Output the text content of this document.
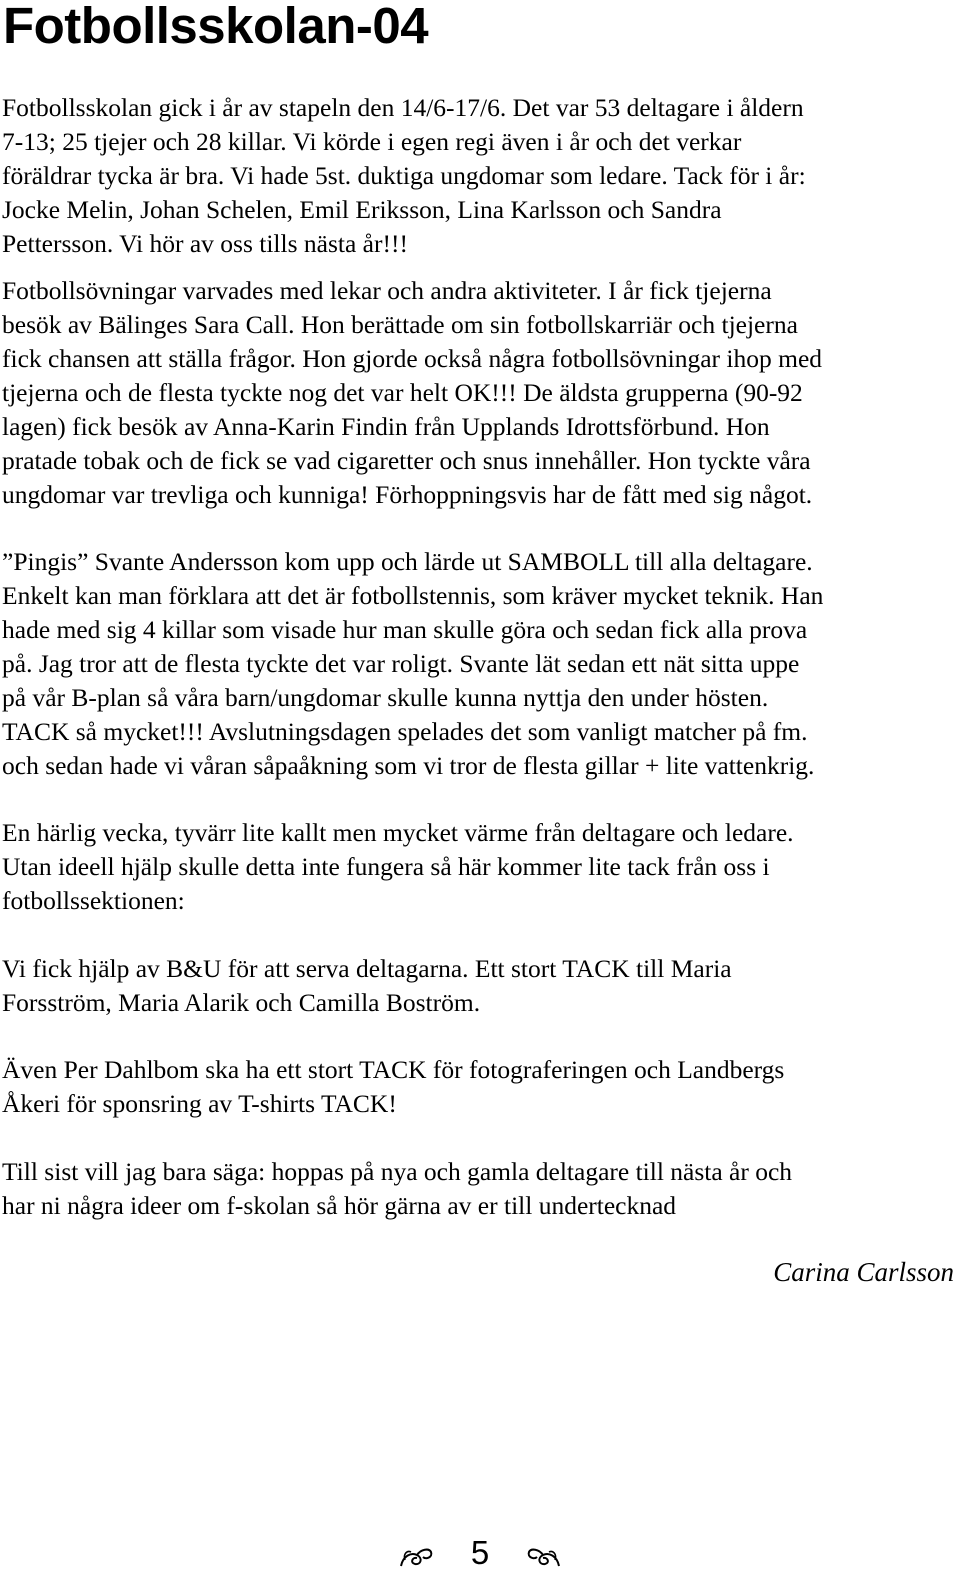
Fotbollsskolan-04
Fotbollsskolan gick i år av stapeln den 14/6-17/6. Det var 53 deltagare i åldern
7-13; 25 tjejer och 28 killar. Vi körde i egen regi även i år och det verkar
föräldrar tycka är bra. Vi hade 5st. duktiga ungdomar som ledare. Tack för i år:
Jocke Melin, Johan Schelen, Emil Eriksson, Lina Karlsson och Sandra
Pettersson. Vi hör av oss tills nästa år!!!
Fotbollsövningar varvades med lekar och andra aktiviteter. I år fick tjejerna
besök av Bälinges Sara Call. Hon berättade om sin fotbollskarriär och tjejerna
fick chansen att ställa frågor. Hon gjorde också några fotbollsövningar ihop med
tjejerna och de flesta tyckte nog det var helt OK!!! De äldsta grupperna (90-92
lagen) fick besök av Anna-Karin Findin från Upplands Idrottsförbund. Hon
pratade tobak och de fick se vad cigaretter och snus innehåller. Hon tyckte våra
ungdomar var trevliga och kunniga! Förhoppningsvis har de fått med sig något.
”Pingis” Svante Andersson kom upp och lärde ut SAMBOLL till alla deltagare.
Enkelt kan man förklara att det är fotbollstennis, som kräver mycket teknik. Han
hade med sig 4 killar som visade hur man skulle göra och sedan fick alla prova
på. Jag tror att de flesta tyckte det var roligt. Svante lät sedan ett nät sitta uppe
på vår B-plan så våra barn/ungdomar skulle kunna nyttja den under hösten.
TACK så mycket!!! Avslutningsdagen spelades det som vanligt matcher på fm.
och sedan hade vi våran såpaåkning som vi tror de flesta gillar + lite vattenkrig.
En härlig vecka, tyvärr lite kallt men mycket värme från deltagare och ledare.
Utan ideell hjälp skulle detta inte fungera så här kommer lite tack från oss i
fotbollssektionen:
Vi fick hjälp av B&U för att serva deltagarna. Ett stort TACK till Maria
Forsström, Maria Alarik och Camilla Boström.
Även Per Dahlbom ska ha ett stort TACK för fotograferingen och Landbergs
Åkeri för sponsring av T-shirts TACK!
Till sist vill jag bara säga: hoppas på nya och gamla deltagare till nästa år och
har ni några ideer om f-skolan så hör gärna av er till undertecknad
Carina Carlsson
5
